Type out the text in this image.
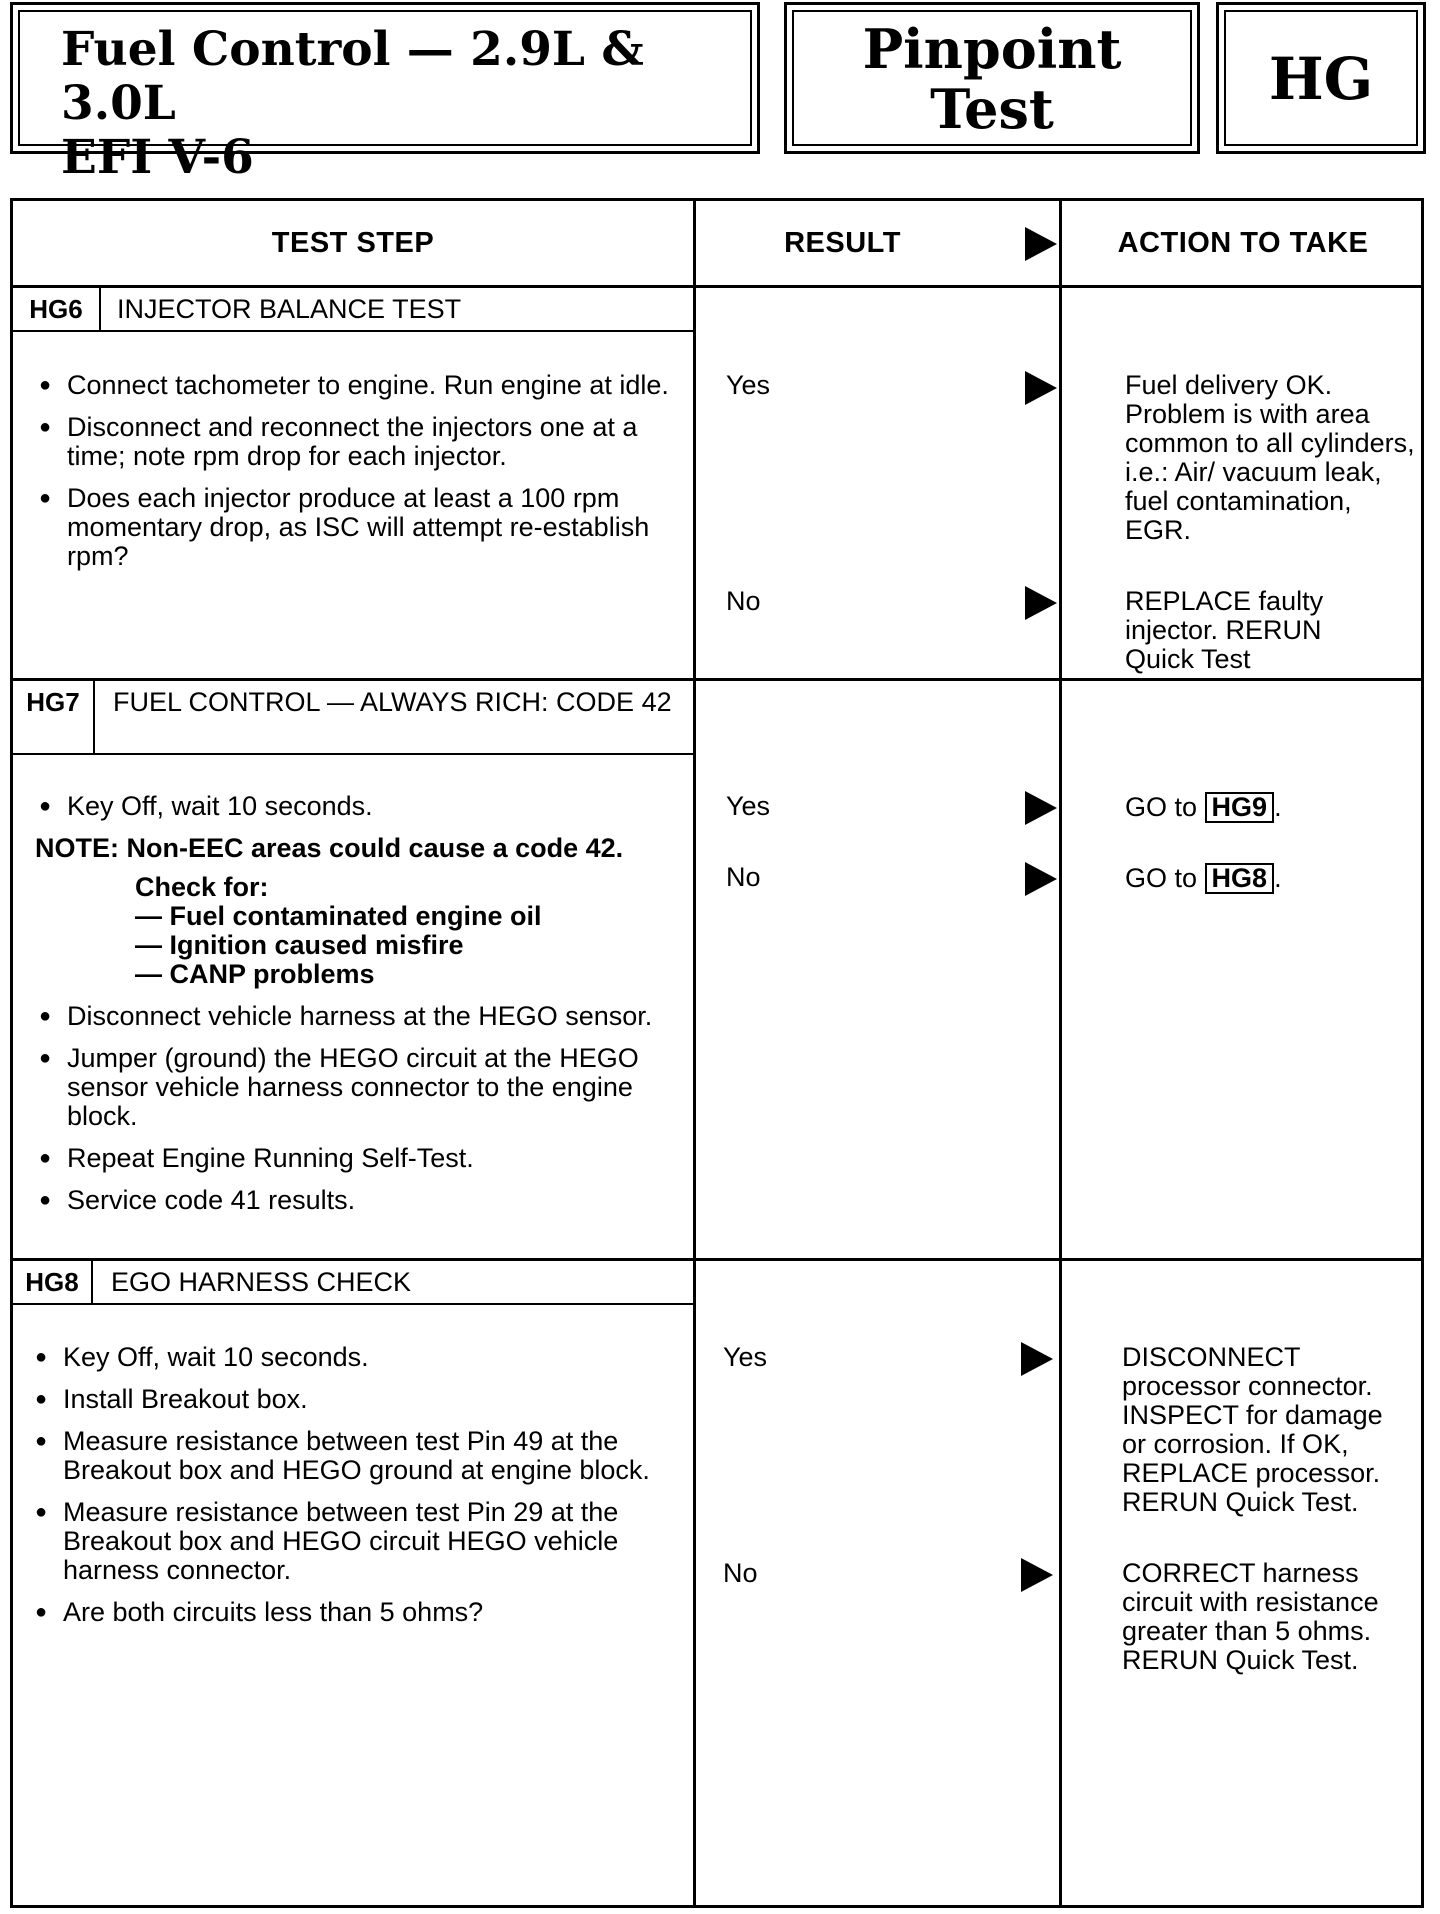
Fuel Control — 2.9L & 3.0L
EFI V-6
Pinpoint
Test	HG
TEST STEP	RESULT	ACTION TO TAKE
HG6	INJECTOR BALANCE TEST
● Connect tachometer to engine. Run engine at idle.
● Disconnect and reconnect the injectors one at a time; note rpm drop for each injector.
● Does each injector produce at least a 100 rpm momentary drop, as ISC will attempt re-establish rpm?
Yes	Fuel delivery OK. Problem is with area common to all cylinders, i.e.: Air/ vacuum leak, fuel contamination, EGR.
No	REPLACE faulty injector. RERUN Quick Test
HG7	FUEL CONTROL — ALWAYS RICH: CODE 42
● Key Off, wait 10 seconds.
NOTE: Non-EEC areas could cause a code 42.
Check for:
— Fuel contaminated engine oil
— Ignition caused misfire
— CANP problems
● Disconnect vehicle harness at the HEGO sensor.
● Jumper (ground) the HEGO circuit at the HEGO sensor vehicle harness connector to the engine block.
● Repeat Engine Running Self-Test.
● Service code 41 results.
Yes	GO to HG9 .
No	GO to HG8 .
HG8	EGO HARNESS CHECK
● Key Off, wait 10 seconds.
● Install Breakout box.
● Measure resistance between test Pin 49 at the Breakout box and HEGO ground at engine block.
● Measure resistance between test Pin 29 at the Breakout box and HEGO circuit HEGO vehicle harness connector.
● Are both circuits less than 5 ohms?
Yes	DISCONNECT processor connector. INSPECT for damage or corrosion. If OK, REPLACE processor. RERUN Quick Test.
No	CORRECT harness circuit with resistance greater than 5 ohms. RERUN Quick Test.
